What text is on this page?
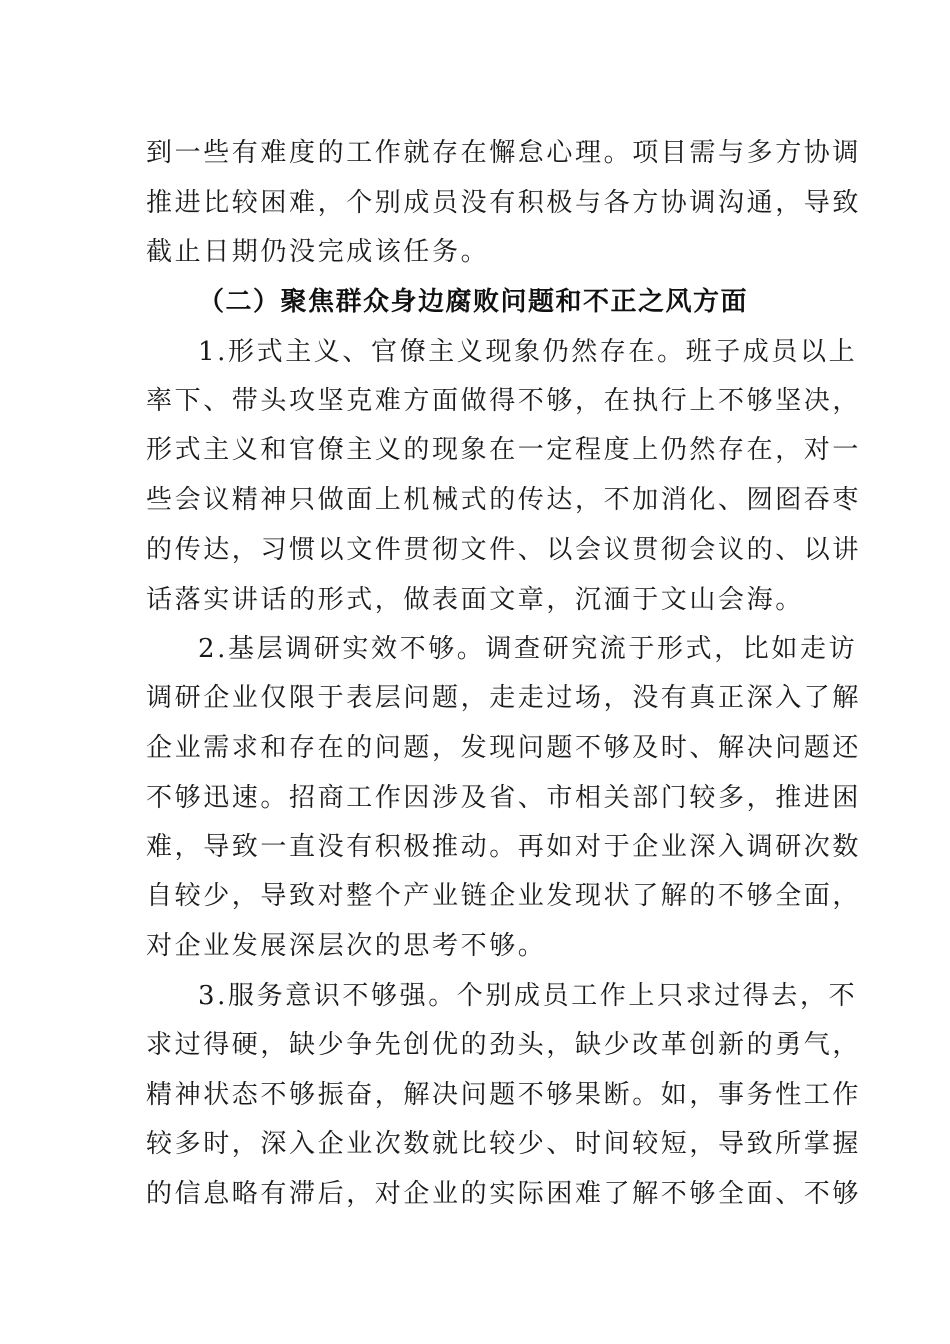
到一些有难度的工作就存在懈怠心理。项目需与多方协调
推进比较困难，个别成员没有积极与各方协调沟通，导致
截止日期仍没完成该任务。
（二）聚焦群众身边腐败问题和不正之风方面
1.形式主义、官僚主义现象仍然存在。班子成员以上
率下、带头攻坚克难方面做得不够，在执行上不够坚决，
形式主义和官僚主义的现象在一定程度上仍然存在，对一
些会议精神只做面上机械式的传达，不加消化、囫囵吞枣
的传达，习惯以文件贯彻文件、以会议贯彻会议的、以讲
话落实讲话的形式，做表面文章，沉湎于文山会海。
2.基层调研实效不够。调查研究流于形式，比如走访
调研企业仅限于表层问题，走走过场，没有真正深入了解
企业需求和存在的问题，发现问题不够及时、解决问题还
不够迅速。招商工作因涉及省、市相关部门较多，推进困
难，导致一直没有积极推动。再如对于企业深入调研次数
自较少，导致对整个产业链企业发现状了解的不够全面，
对企业发展深层次的思考不够。
3.服务意识不够强。个别成员工作上只求过得去，不
求过得硬，缺少争先创优的劲头，缺少改革创新的勇气，
精神状态不够振奋，解决问题不够果断。如，事务性工作
较多时，深入企业次数就比较少、时间较短，导致所掌握
的信息略有滞后，对企业的实际困难了解不够全面、不够
